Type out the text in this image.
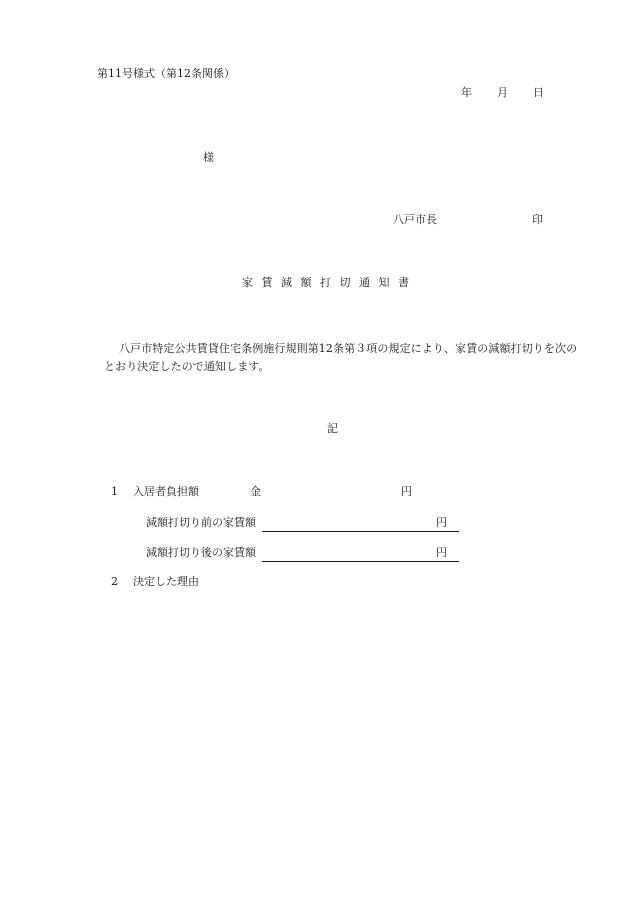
第11号様式（第12条関係）
年 月 日
様
八戸市長	印
家賃減額打切通知書
八戸市特定公共賃貸住宅条例施行規則第12条第３項の規定により、家賃の減額打切りを次のとおり決定したので通知します。
記
1 入居者負担額	金	円
減額打切り前の家賃額	円
減額打切り後の家賃額	円
2 決定した理由
